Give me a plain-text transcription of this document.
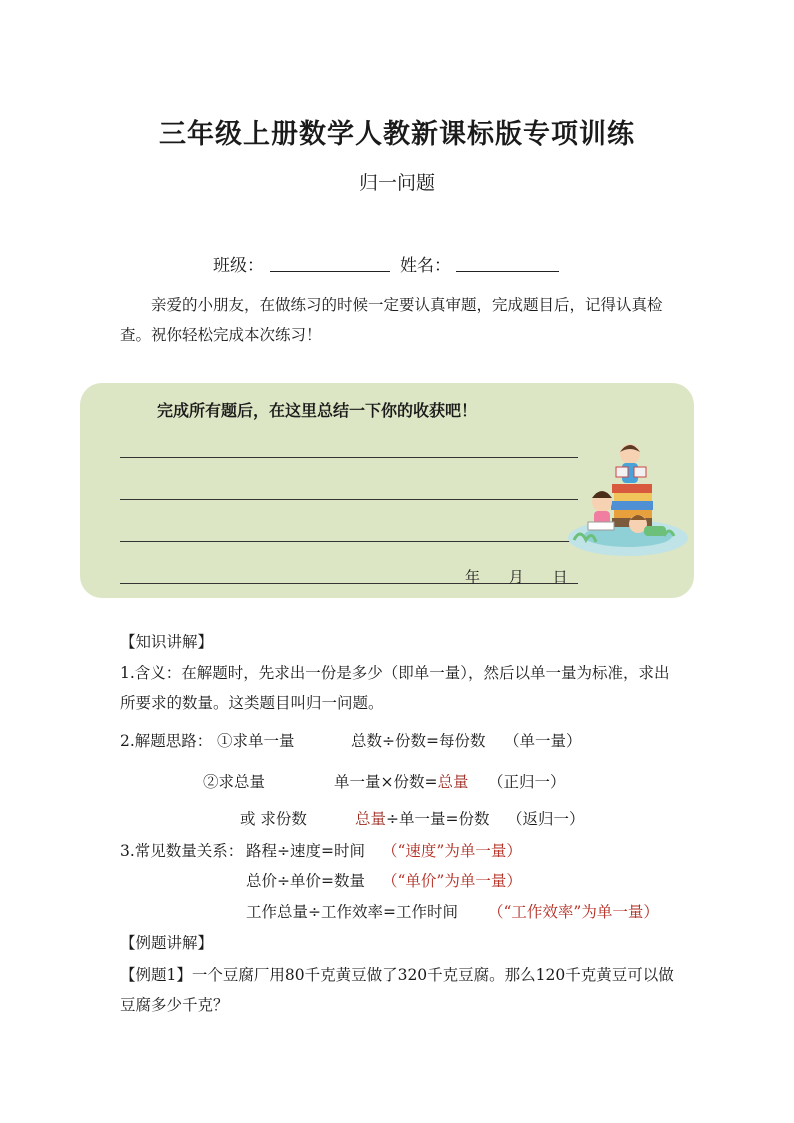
三年级上册数学人教新课标版专项训练
归一问题
班级：	姓名：
亲爱的小朋友，在做练习的时候一定要认真审题，完成题目后，记得认真检查。祝你轻松完成本次练习！
完成所有题后，在这里总结一下你的收获吧！
年 月 日
【知识讲解】
1.含义：在解题时，先求出一份是多少（即单一量），然后以单一量为标准，求出所要求的数量。这类题目叫归一问题。
2.解题思路： ①求单一量	总数÷份数=每份数 （单一量）
②求总量	单一量×份数=总量 （正归一）
或 求份数	总量÷单一量=份数 （返归一）
3.常见数量关系： 路程÷速度=时间 （“速度”为单一量）
总价÷单价=数量 （“单价”为单一量）
工作总量÷工作效率=工作时间 （“工作效率”为单一量）
【例题讲解】
【例题1】一个豆腐厂用80千克黄豆做了320千克豆腐。那么120千克黄豆可以做豆腐多少千克？
